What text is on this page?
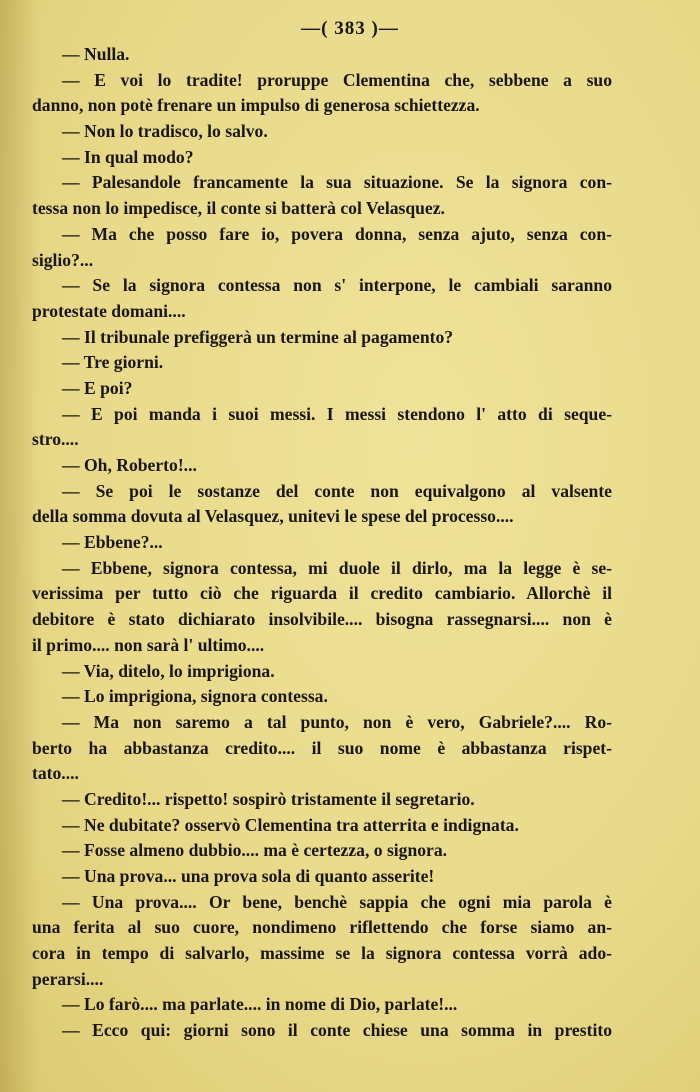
—( 383 )—
— Nulla.
— E voi lo tradite! proruppe Clementina che, sebbene a suo
danno, non potè frenare un impulso di generosa schiettezza.
— Non lo tradisco, lo salvo.
— In qual modo?
— Palesandole francamente la sua situazione. Se la signora con-
tessa non lo impedisce, il conte si batterà col Velasquez.
— Ma che posso fare io, povera donna, senza ajuto, senza con-
siglio?...
— Se la signora contessa non s' interpone, le cambiali saranno
protestate domani....
— Il tribunale prefiggerà un termine al pagamento?
— Tre giorni.
— E poi?
— E poi manda i suoi messi. I messi stendono l' atto di seque-
stro....
— Oh, Roberto!...
— Se poi le sostanze del conte non equivalgono al valsente
della somma dovuta al Velasquez, unitevi le spese del processo....
— Ebbene?...
— Ebbene, signora contessa, mi duole il dirlo, ma la legge è se-
verissima per tutto ciò che riguarda il credito cambiario. Allorchè il
debitore è stato dichiarato insolvibile.... bisogna rassegnarsi.... non è
il primo.... non sarà l' ultimo....
— Via, ditelo, lo imprigiona.
— Lo imprigiona, signora contessa.
— Ma non saremo a tal punto, non è vero, Gabriele?.... Ro-
berto ha abbastanza credito.... il suo nome è abbastanza rispet-
tato....
— Credito!... rispetto! sospirò tristamente il segretario.
— Ne dubitate? osservò Clementina tra atterrita e indignata.
— Fosse almeno dubbio.... ma è certezza, o signora.
— Una prova... una prova sola di quanto asserite!
— Una prova.... Or bene, benchè sappia che ogni mia parola è
una ferita al suo cuore, nondimeno riflettendo che forse siamo an-
cora in tempo di salvarlo, massime se la signora contessa vorrà ado-
perarsi....
— Lo farò.... ma parlate.... in nome di Dio, parlate!...
— Ecco qui: giorni sono il conte chiese una somma in prestito
